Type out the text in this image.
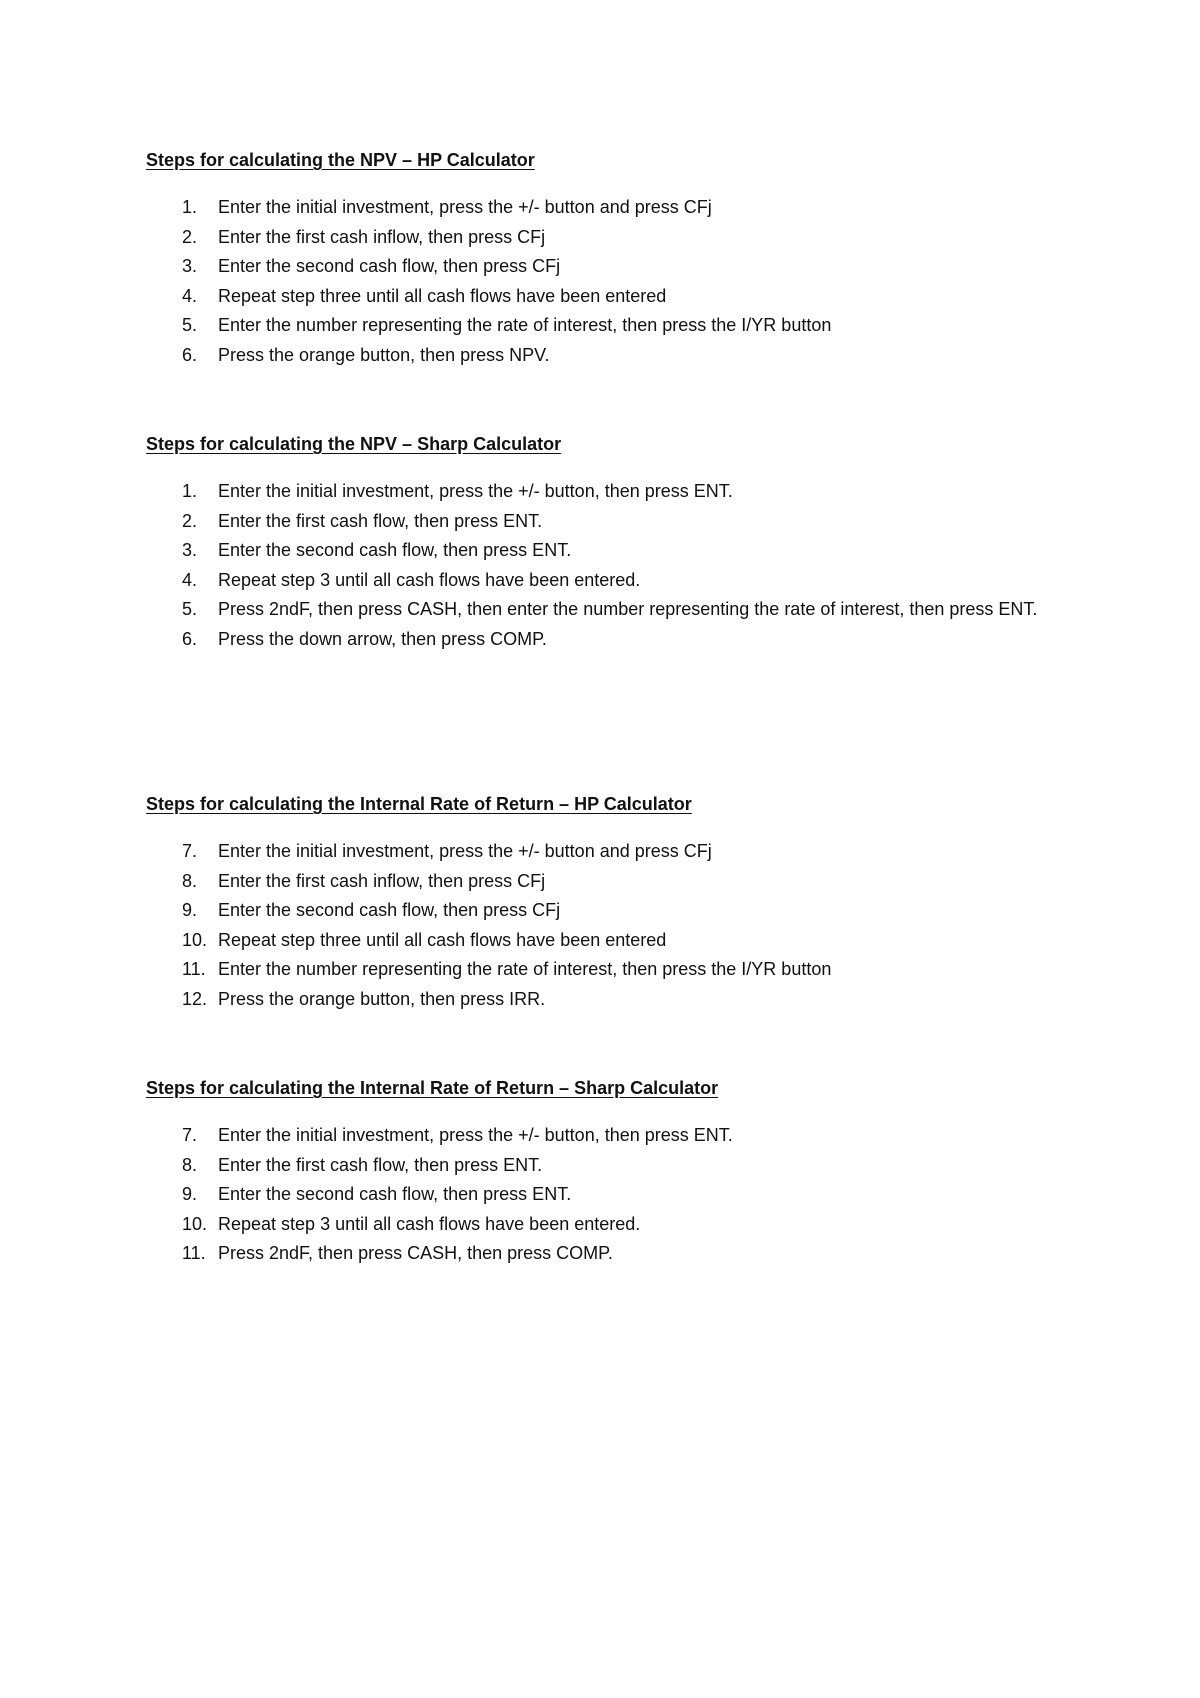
Steps for calculating the NPV – HP Calculator
1.	Enter the initial investment, press the +/- button and press CFj
2.	Enter the first cash inflow, then press CFj
3.	Enter the second cash flow, then press CFj
4.	Repeat step three until all cash flows have been entered
5.	Enter the number representing the rate of interest, then press the I/YR button
6.	Press the orange button, then press NPV.
Steps for calculating the NPV – Sharp Calculator
1.	Enter the initial investment, press the +/- button, then press ENT.
2.	Enter the first cash flow, then press ENT.
3.	Enter the second cash flow, then press ENT.
4.	Repeat step 3 until all cash flows have been entered.
5.	Press 2ndF, then press CASH, then enter the number representing the rate of interest, then press ENT.
6.	Press the down arrow, then press COMP.
Steps for calculating the Internal Rate of Return – HP Calculator
7.	Enter the initial investment, press the +/- button and press CFj
8.	Enter the first cash inflow, then press CFj
9.	Enter the second cash flow, then press CFj
10. Repeat step three until all cash flows have been entered
11. Enter the number representing the rate of interest, then press the I/YR button
12. Press the orange button, then press IRR.
Steps for calculating the Internal Rate of Return – Sharp Calculator
7.	Enter the initial investment, press the +/- button, then press ENT.
8.	Enter the first cash flow, then press ENT.
9.	Enter the second cash flow, then press ENT.
10. Repeat step 3 until all cash flows have been entered.
11. Press 2ndF, then press CASH, then press COMP.
